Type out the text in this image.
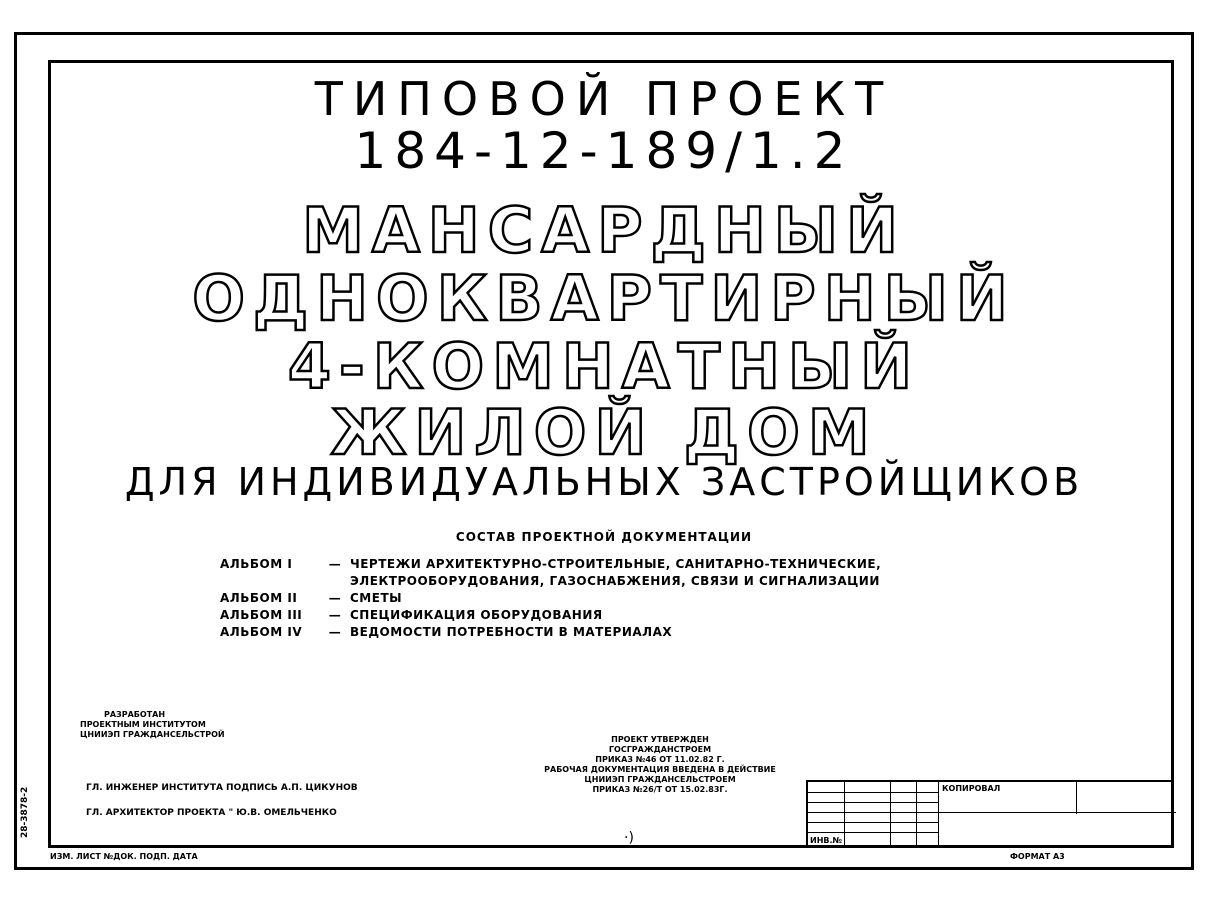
ТИПОВОЙ ПРОЕКТ
184-12-189/1.2
МАНСАРДНЫЙ
ОДНОКВАРТИРНЫЙ
4-КОМНАТНЫЙ
ЖИЛОЙ ДОМ
ДЛЯ ИНДИВИДУАЛЬНЫХ ЗАСТРОЙЩИКОВ
СОСТАВ ПРОЕКТНОЙ ДОКУМЕНТАЦИИ
АЛЬБОМ I	— ЧЕРТЕЖИ АРХИТЕКТУРНО-СТРОИТЕЛЬНЫЕ, САНИТАРНО-ТЕХНИЧЕСКИЕ, ЭЛЕКТРООБОРУДОВАНИЯ, ГАЗОСНАБЖЕНИЯ, СВЯЗИ И СИГНАЛИЗАЦИИ
АЛЬБОМ II	— СМЕТЫ
АЛЬБОМ III	— СПЕЦИФИКАЦИЯ ОБОРУДОВАНИЯ
АЛЬБОМ IV	— ВЕДОМОСТИ ПОТРЕБНОСТИ В МАТЕРИАЛАХ
РАЗРАБОТАН
ПРОЕКТНЫМ ИНСТИТУТОМ
ЦНИИЭП ГРАЖДАНСЕЛЬСТРОЙ
ГЛ. ИНЖЕНЕР ИНСТИТУТА ПОДПИСЬ А.П. ЦИКУНОВ
ГЛ. АРХИТЕКТОР ПРОЕКТА " Ю.В. ОМЕЛЬЧЕНКО
ПРОЕКТ УТВЕРЖДЕН
ГОСГРАЖДАНСТРОЕМ
ПРИКАЗ №46 ОТ 11.02.82 Г.
РАБОЧАЯ ДОКУМЕНТАЦИЯ ВВЕДЕНА В ДЕЙСТВИЕ
ЦНИИЭП ГРАЖДАНСЕЛЬСТРОЕМ
ПРИКАЗ №26/Т ОТ 15.02.83Г.
28-3878-2	·)
КОПИРОВАЛ
ИНВ.№
ИЗМ. ЛИСТ №ДОК. ПОДП. ДАТА	ФОРМАТ А3
